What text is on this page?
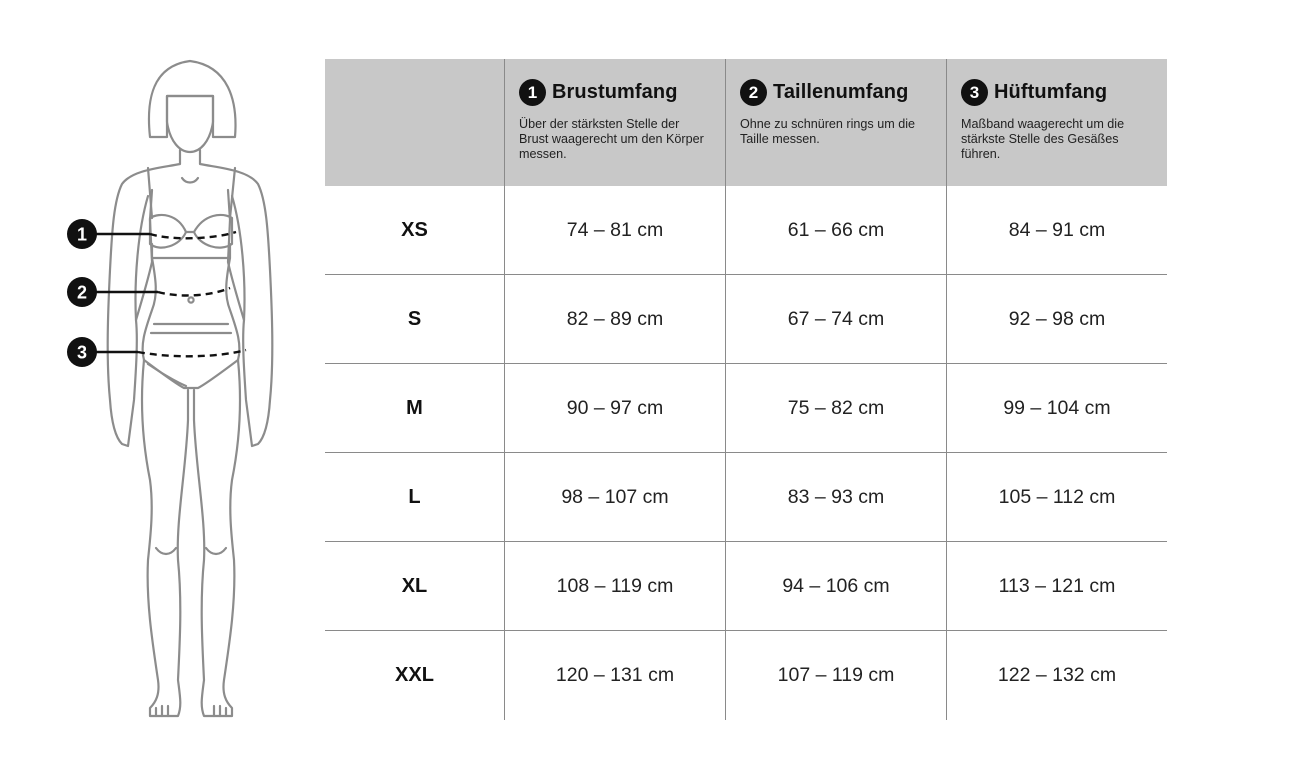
1
2
3
1 Brustumfang
Über der stärksten Stelle der Brust waagerecht um den Körper messen.
2 Taillenumfang
Ohne zu schnüren rings um die Taille messen.
3 Hüftumfang
Maßband waagerecht um die stärkste Stelle des Gesäßes führen.
XS	74 – 81 cm	61 – 66 cm	84 – 91 cm
S	82 – 89 cm	67 – 74 cm	92 – 98 cm
M	90 – 97 cm	75 – 82 cm	99 – 104 cm
L	98 – 107 cm	83 – 93 cm	105 – 112 cm
XL	108 – 119 cm	94 – 106 cm	113 – 121 cm
XXL	120 – 131 cm	107 – 119 cm	122 – 132 cm
